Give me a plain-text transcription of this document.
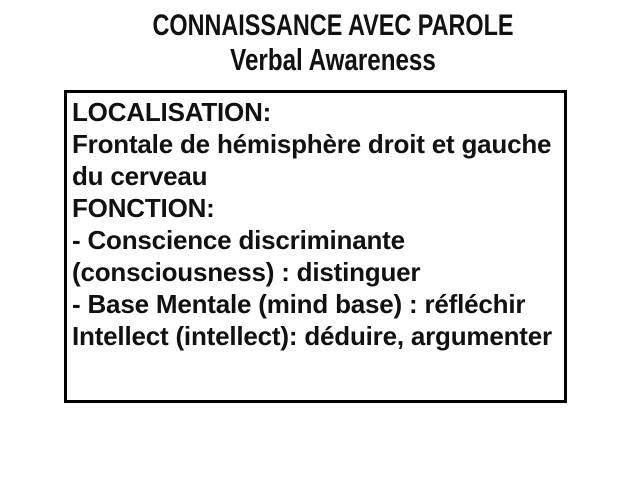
CONNAISSANCE AVEC PAROLE
Verbal Awareness
LOCALISATION:
Frontale de hémisphère droit et gauche
du cerveau
FONCTION:
- Conscience discriminante
(consciousness) : distinguer
- Base Mentale (mind base) : réfléchir
Intellect (intellect): déduire, argumenter
